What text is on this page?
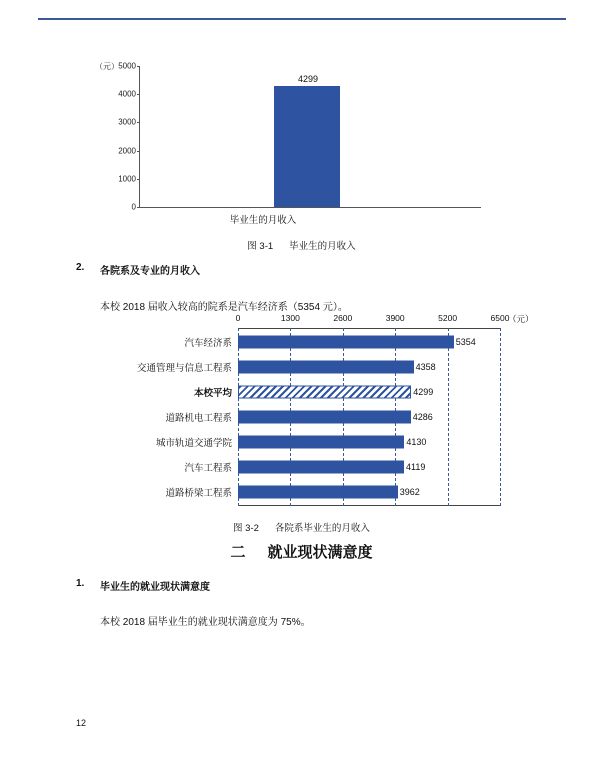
（元）
0
1000
2000
3000
4000
5000
4299
毕业生的月收入
图 3-1 毕业生的月收入
2. 各院系及专业的月收入
本校 2018 届收入较高的院系是汽车经济系（5354 元）。
0	1300	2600	3900	5200	6500
（元）
汽车经济系	5354
交通管理与信息工程系	4358
本校平均	4299
道路机电工程系	4286
城市轨道交通学院	4130
汽车工程系	4119
道路桥梁工程系	3962
图 3-2 各院系毕业生的月收入
二 就业现状满意度
1. 毕业生的就业现状满意度
本校 2018 届毕业生的就业现状满意度为 75%。
12
